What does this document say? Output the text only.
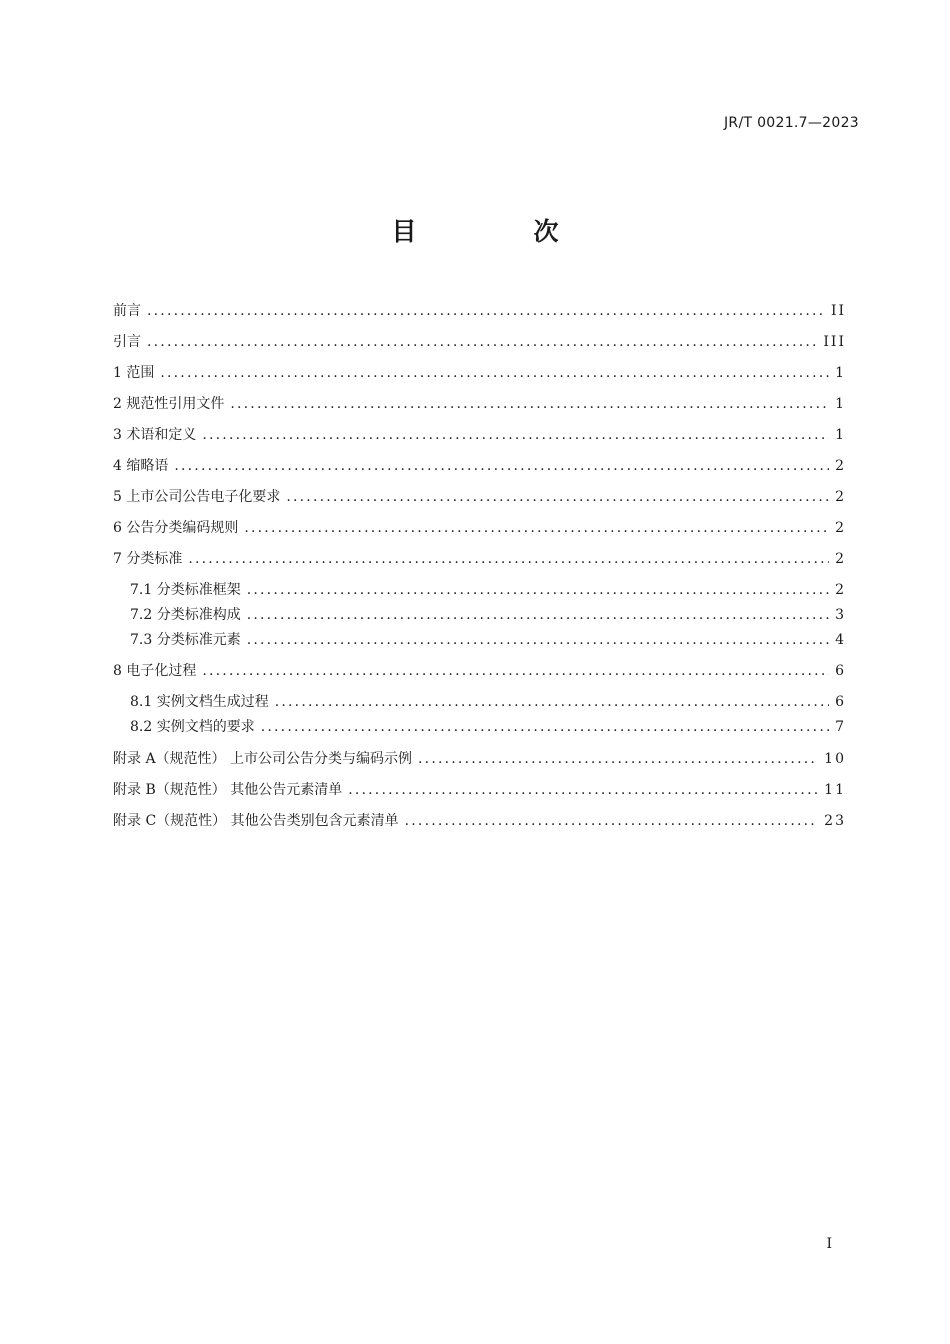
JR/T 0021.7—2023
目　次
前言 .....	II
引言 .....	III
1 范围 .....	1
2 规范性引用文件 .....	1
3 术语和定义 .....	1
4 缩略语 .....	2
5 上市公司公告电子化要求 .....	2
6 公告分类编码规则 .....	2
7 分类标准 .....	2
7.1 分类标准框架 .....	2
7.2 分类标准构成 .....	3
7.3 分类标准元素 .....	4
8 电子化过程 .....	6
8.1 实例文档生成过程 .....	6
8.2 实例文档的要求 .....	7
附录 A（规范性） 上市公司公告分类与编码示例 .....	10
附录 B（规范性） 其他公告元素清单 .....	11
附录 C（规范性） 其他公告类别包含元素清单 .....	23
I
